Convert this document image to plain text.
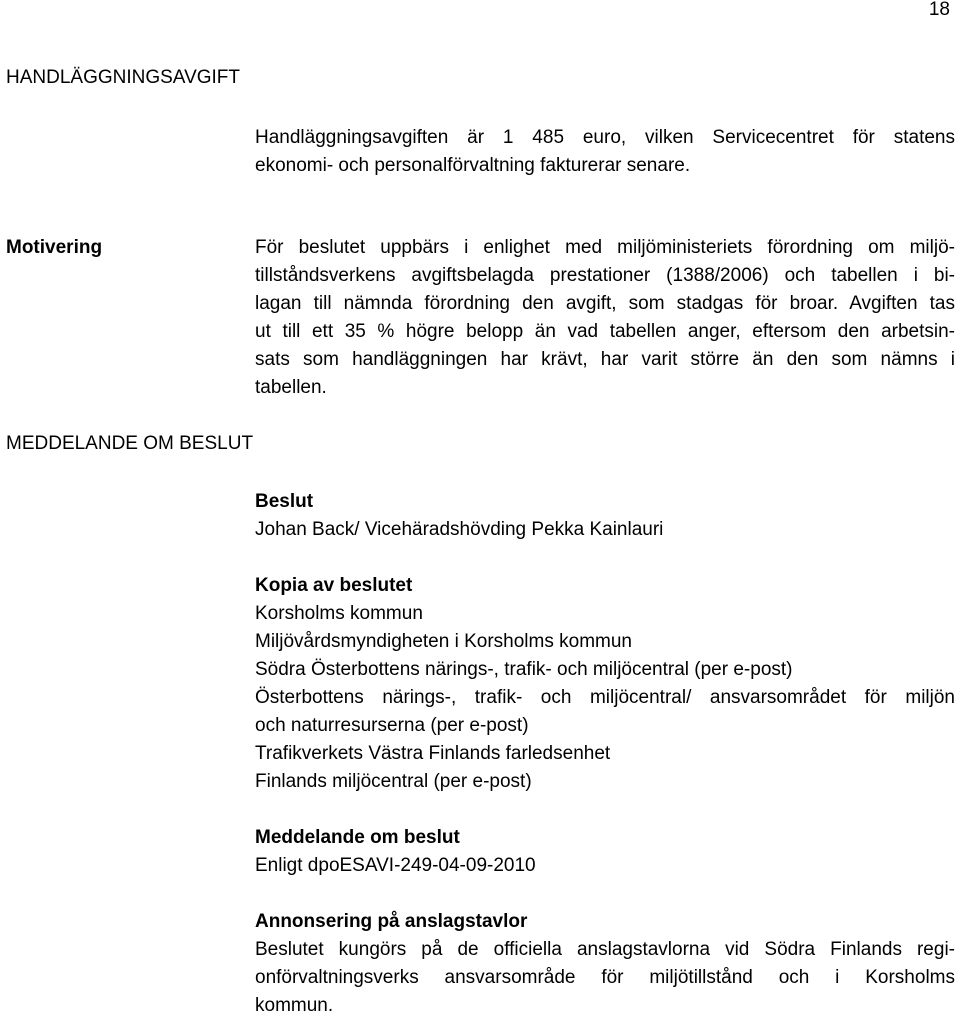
18
HANDLÄGGNINGSAVGIFT
Handläggningsavgiften är 1 485 euro, vilken Servicecentret för statens
ekonomi- och personalförvaltning fakturerar senare.
Motivering	För beslutet uppbärs i enlighet med miljöministeriets förordning om miljö-
tillståndsverkens avgiftsbelagda prestationer (1388/2006) och tabellen i bi-
lagan till nämnda förordning den avgift, som stadgas för broar. Avgiften tas
ut till ett 35 % högre belopp än vad tabellen anger, eftersom den arbetsin-
sats som handläggningen har krävt, har varit större än den som nämns i
tabellen.
MEDDELANDE OM BESLUT
Beslut
Johan Back/ Vicehäradshövding Pekka Kainlauri
Kopia av beslutet
Korsholms kommun
Miljövårdsmyndigheten i Korsholms kommun
Södra Österbottens närings-, trafik- och miljöcentral (per e-post)
Österbottens närings-, trafik- och miljöcentral/ ansvarsområdet för miljön
och naturresurserna (per e-post)
Trafikverkets Västra Finlands farledsenhet
Finlands miljöcentral (per e-post)
Meddelande om beslut
Enligt dpoESAVI-249-04-09-2010
Annonsering på anslagstavlor
Beslutet kungörs på de officiella anslagstavlorna vid Södra Finlands regi-
onförvaltningsverks ansvarsområde för miljötillstånd och i Korsholms
kommun.
